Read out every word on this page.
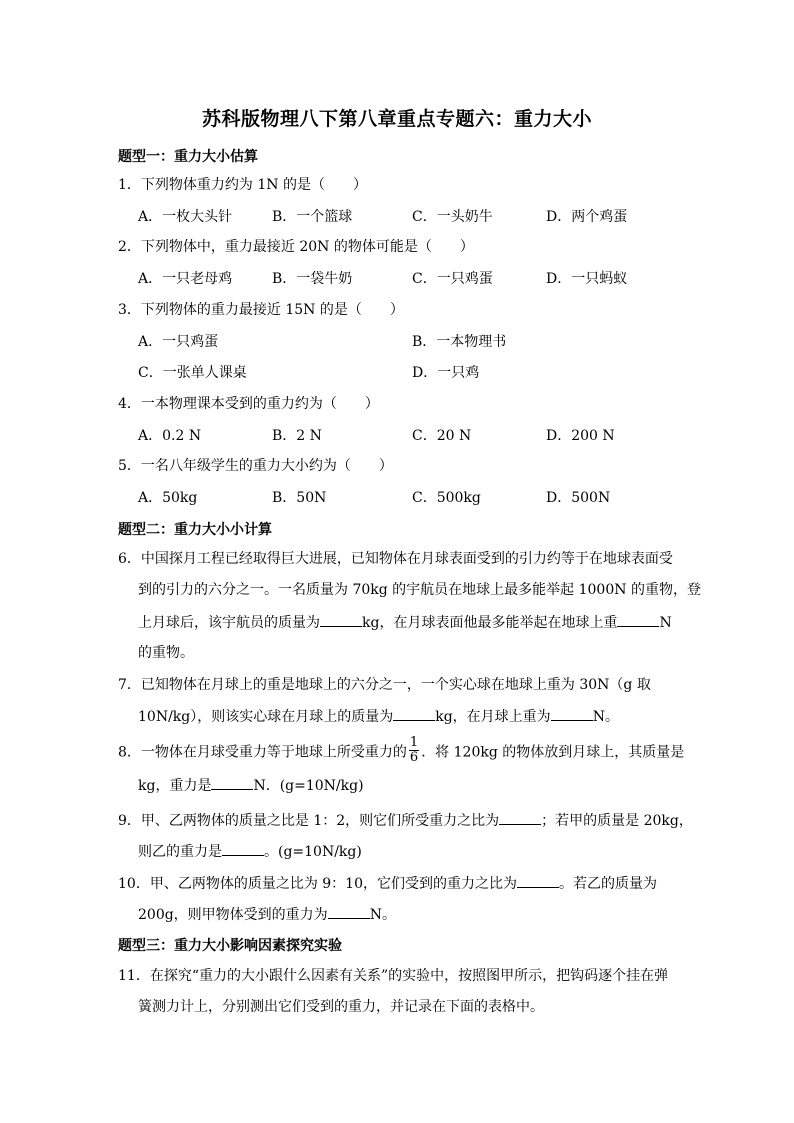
苏科版物理八下第八章重点专题六：重力大小
题型一：重力大小估算
1．下列物体重力约为 1N 的是（　　）
A．一枚大头针	B．一个篮球	C．一头奶牛	D．两个鸡蛋
2．下列物体中，重力最接近 20N 的物体可能是（　　）
A．一只老母鸡	B．一袋牛奶	C．一只鸡蛋	D．一只蚂蚁
3．下列物体的重力最接近 15N 的是（　　）
A．一只鸡蛋	B．一本物理书
C．一张单人课桌	D．一只鸡
4．一本物理课本受到的重力约为（　　）
A．0.2 N	B．2 N	C．20 N	D．200 N
5．一名八年级学生的重力大小约为（　　）
A．50kg	B．50N	C．500kg	D．500N
题型二：重力大小小计算
6．中国探月工程已经取得巨大进展，已知物体在月球表面受到的引力约等于在地球表面受
到的引力的六分之一。一名质量为 70kg 的宇航员在地球上最多能举起 1000N 的重物，登
上月球后，该宇航员的质量为	kg，在月球表面他最多能举起在地球上重	N
的重物。
7．已知物体在月球上的重是地球上的六分之一，一个实心球在地球上重为 30N（g 取
10N/kg），则该实心球在月球上的质量为	kg，在月球上重为	N。
8．一物体在月球受重力等于地球上所受重力的 $\frac{1}{6}$ ．将 120kg 的物体放到月球上，其质量是
kg，重力是	N．(g=10N/kg)
9．甲、乙两物体的质量之比是 1：2，则它们所受重力之比为	；若甲的质量是 20kg，
则乙的重力是	。(g=10N/kg)
10．甲、乙两物体的质量之比为 9：10，它们受到的重力之比为	。若乙的质量为
200g，则甲物体受到的重力为	N。
题型三：重力大小影响因素探究实验
11．在探究“重力的大小跟什么因素有关系”的实验中，按照图甲所示，把钩码逐个挂在弹
簧测力计上，分别测出它们受到的重力，并记录在下面的表格中。
